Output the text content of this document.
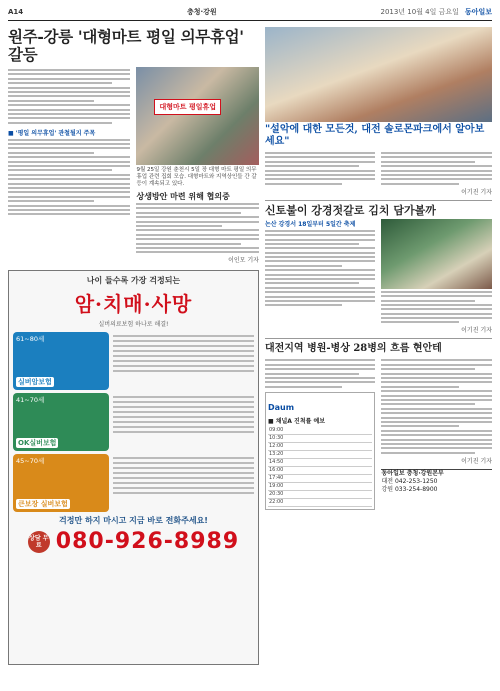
A14	충청·강원	2013년 10월 4일 금요일 동아일보
원주-강릉 '대형마트 평일 의무휴업' 갈등
■ '평일 의무휴업' 관철될지 주목
대형마트 평일휴업
9월 25일 강원 춘천시 5일 장 대형 마트 평일 의무휴업 관련 집회 모습. 대형마트와 지역상인들 간 갈등이 계속되고 있다.
상생방안 마련 위해 협의중
이인모 기자
나이 들수록 가장 걱정되는
암·치매·사망
실버의료보험 하나로 해결!
61~80세
실버암보험
41~70세
OK실버보험
45~70세
큰보장 실버보험
걱정만 하지 마시고 지금 바로 전화주세요!
상담 무료 080-926-8989
"설악에 대한 모든것, 대전 솔로몬파크에서 알아보세요"
이기진 기자
신토불이 강경젓갈로 김치 담가볼까
논산 강경서 18일부터 5일간 축제
이기진 기자
대전지역 병원-병상 28병의 흐름 현안테
Daum
■ 채널A 진척률 예보
09:00
10:30
12:00
13:20
14:50
16:00
17:40
19:00
20:30
22:00
이기진 기자
동아일보 충청·강원본부
대전 042-253-1250
강원 033-254-8900
